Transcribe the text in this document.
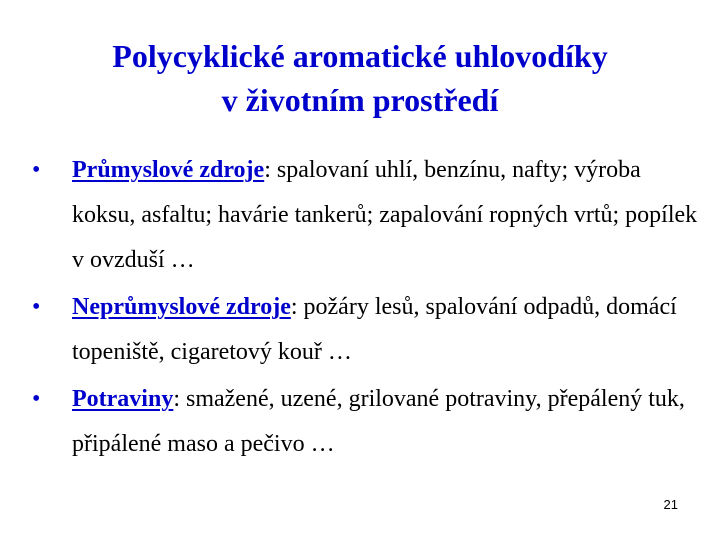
Polycyklické aromatické uhlovodíky
v životním prostředí
•	Průmyslové zdroje: spalovaní uhlí, benzínu, nafty; výroba koksu, asfaltu; havárie tankerů; zapalování ropných vrtů; popílek v ovzduší …
•	Neprůmyslové zdroje: požáry lesů, spalování odpadů, domácí topeniště, cigaretový kouř …
•	Potraviny: smažené, uzené, grilované potraviny, přepálený tuk, připálené maso a pečivo …
21
